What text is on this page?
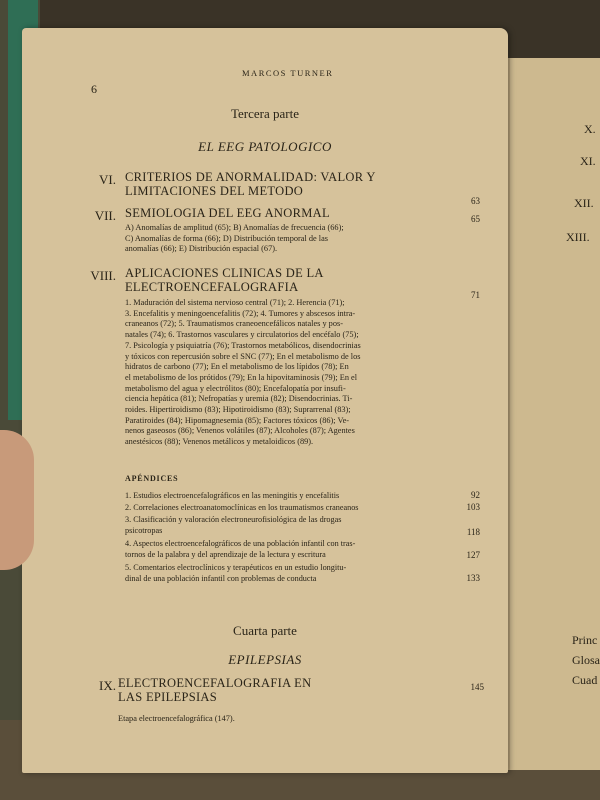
X.
XI.
XII.
XIII.
Princ
Glosa
Cuad
MARCOS TURNER
6
Tercera parte
EL EEG PATOLOGICO
VI. CRITERIOS DE ANORMALIDAD: VALOR Y
LIMITACIONES DEL METODO
63
VII. SEMIOLOGIA DEL EEG ANORMAL	65
A) Anomalías de amplitud (65); B) Anomalías de frecuencia (66);
C) Anomalías de forma (66); D) Distribución temporal de las
anomalías (66); E) Distribución espacial (67).
VIII. APLICACIONES CLINICAS DE LA
ELECTROENCEFALOGRAFIA
71
1. Maduración del sistema nervioso central (71); 2. Herencia (71);
3. Encefalitis y meningoencefalitis (72); 4. Tumores y abscesos intra-
craneanos (72); 5. Traumatismos craneoencefálicos natales y pos-
natales (74); 6. Trastornos vasculares y circulatorios del encéfalo (75);
7. Psicología y psiquiatría (76); Trastornos metabólicos, disendocrinias
y tóxicos con repercusión sobre el SNC (77); En el metabolismo de los
hidratos de carbono (77); En el metabolismo de los lípidos (78); En
el metabolismo de los prótidos (79); En la hipovitaminosis (79); En el
metabolismo del agua y electrólitos (80); Encefalopatía por insufi-
ciencia hepática (81); Nefropatías y uremia (82); Disendocrinias. Ti-
roides. Hipertiroidismo (83); Hipotiroidismo (83); Suprarrenal (83);
Paratiroides (84); Hipomagnesemia (85); Factores tóxicos (86); Ve-
nenos gaseosos (86); Venenos volátiles (87); Alcoholes (87); Agentes
anestésicos (88); Venenos metálicos y metaloidicos (89).
APÉNDICES
1. Estudios electroencefalográficos en las meningitis y encefalitis	92
2. Correlaciones electroanatomoclínicas en los traumatismos craneanos	103
3. Clasificación y valoración electroneurofisiológica de las drogas
psicotropas	118
4. Aspectos electroencefalográficos de una población infantil con tras-
tornos de la palabra y del aprendizaje de la lectura y escritura	127
5. Comentarios electroclínicos y terapéuticos en un estudio longitu-
dinal de una población infantil con problemas de conducta	133
Cuarta parte
EPILEPSIAS
IX. ELECTROENCEFALOGRAFIA EN
LAS EPILEPSIAS
145
Etapa electroencefalográfica (147).
